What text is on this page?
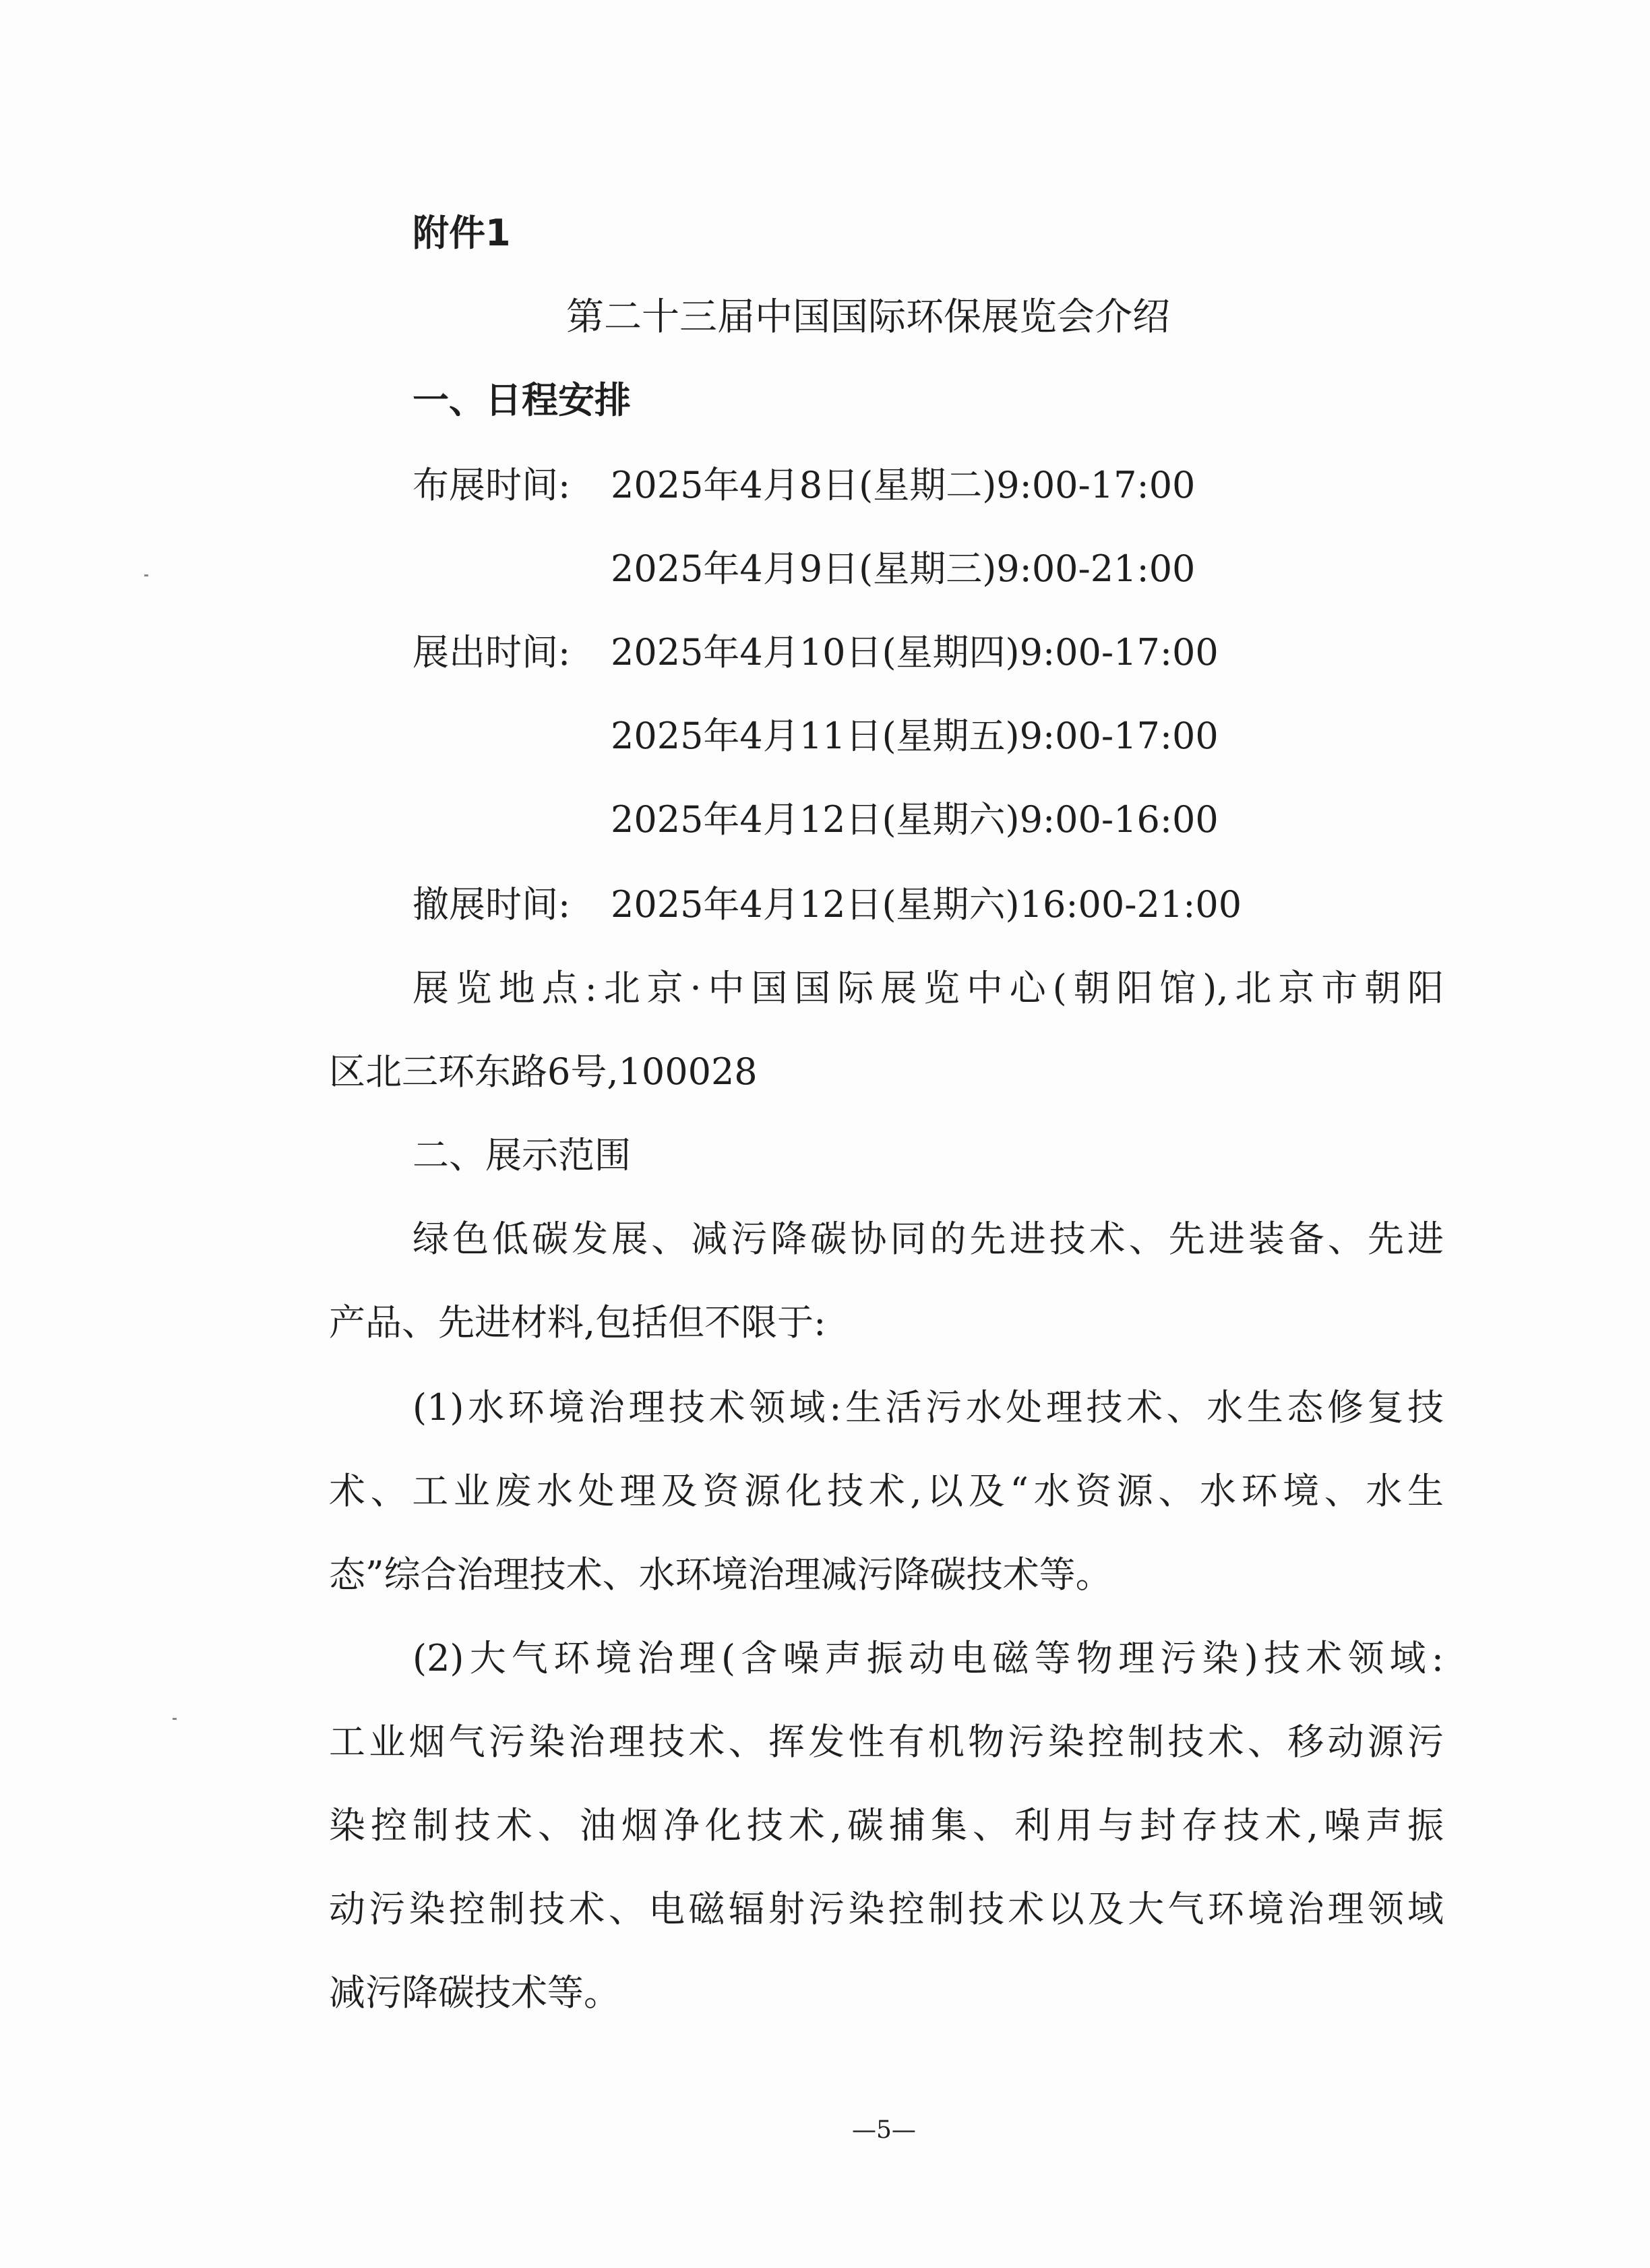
附件1
第二十三届中国国际环保展览会介绍
一、日程安排
布展时间: 2025年4月8日(星期二)9:00-17:00
2025年4月9日(星期三)9:00-21:00
展出时间: 2025年4月10日(星期四)9:00-17:00
2025年4月11日(星期五)9:00-17:00
2025年4月12日(星期六)9:00-16:00
撤展时间: 2025年4月12日(星期六)16:00-21:00
展览地点:北京·中国国际展览中心(朝阳馆),北京市朝阳
区北三环东路6号,100028
二、展示范围
绿色低碳发展、减污降碳协同的先进技术、先进装备、先进
产品、先进材料,包括但不限于:
(1)水环境治理技术领域:生活污水处理技术、水生态修复技
术、工业废水处理及资源化技术,以及“水资源、水环境、水生
态”综合治理技术、水环境治理减污降碳技术等。
(2)大气环境治理(含噪声振动电磁等物理污染)技术领域:
工业烟气污染治理技术、挥发性有机物污染控制技术、移动源污
染控制技术、油烟净化技术,碳捕集、利用与封存技术,噪声振
动污染控制技术、电磁辐射污染控制技术以及大气环境治理领域
减污降碳技术等。
—5—
